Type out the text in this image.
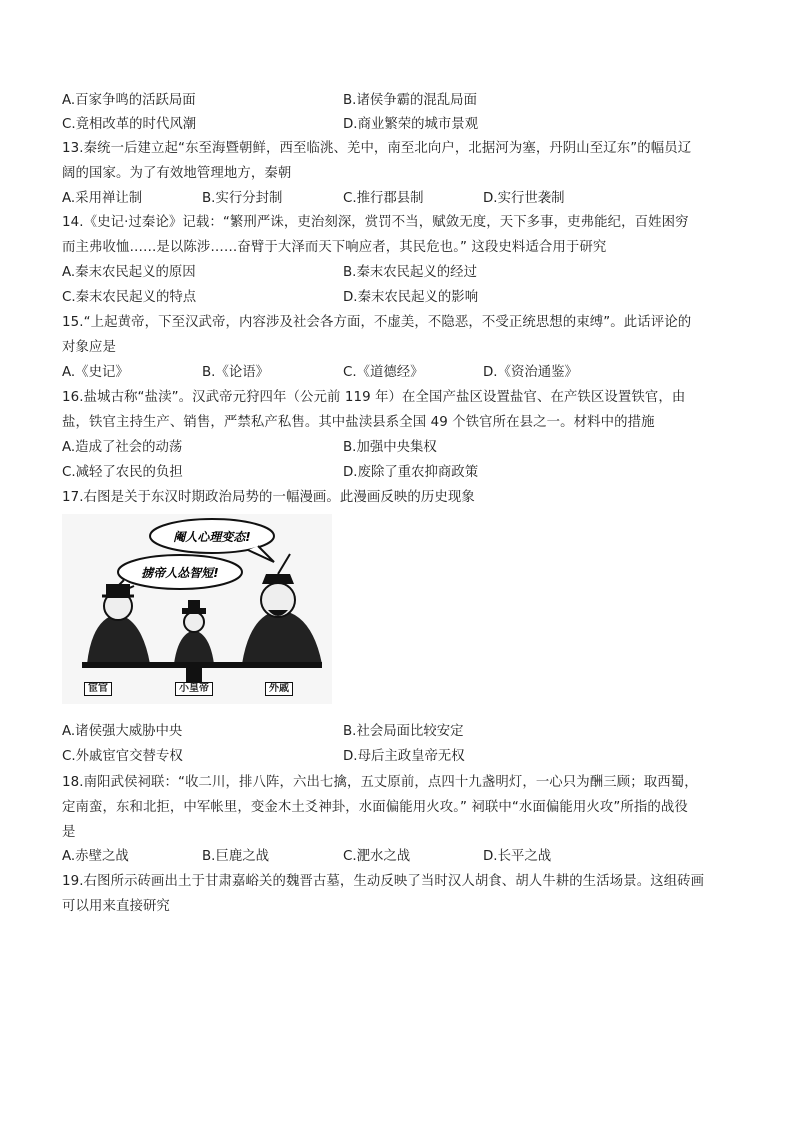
A.百家争鸣的活跃局面	B.诸侯争霸的混乱局面
C.竟相改革的时代风潮	D.商业繁荣的城市景观
13.秦统一后建立起“东至海暨朝鲜，西至临洮、羌中，南至北向户，北据河为塞，丹阴山至辽东”的幅员辽
阔的国家。为了有效地管理地方，秦朝
A.采用禅让制	B.实行分封制	C.推行郡县制	D.实行世袭制
14.《史记·过秦论》记载：“繁刑严诛，吏治刻深，赏罚不当，赋敛无度，天下多事，吏弗能纪，百姓困穷
而主弗收恤……是以陈涉……奋臂于大泽而天下响应者，其民危也。” 这段史料适合用于研究
A.秦末农民起义的原因	B.秦末农民起义的经过
C.秦末农民起义的特点	D.秦末农民起义的影响
15.“上起黄帝，下至汉武帝，内容涉及社会各方面，不虚美，不隐恶，不受正统思想的束缚”。此话评论的
对象应是
A.《史记》	B.《论语》	C.《道德经》	D.《资治通鉴》
16.盐城古称“盐渎”。汉武帝元狩四年（公元前 119 年）在全国产盐区设置盐官、在产铁区设置铁官，由
盐，铁官主持生产、销售，严禁私产私售。其中盐渎县系全国 49 个铁官所在县之一。材料中的措施
A.造成了社会的动荡	B.加强中央集权
C.减轻了农民的负担	D.废除了重农抑商政策
17.右图是关于东汉时期政治局势的一幅漫画。此漫画反映的历史现象
阉人心理变态!
掳帝人怂智短!
宦官	小皇帝	外戚
A.诸侯强大威胁中央	B.社会局面比较安定
C.外戚宦官交替专权	D.母后主政皇帝无权
18.南阳武侯祠联：“收二川，排八阵，六出七擒，五丈原前，点四十九盏明灯，一心只为酬三顾；取西蜀，
定南蛮，东和北拒，中军帐里，变金木土爻神卦，水面偏能用火攻。” 祠联中“水面偏能用火攻”所指的战役
是
A.赤壁之战	B.巨鹿之战	C.淝水之战	D.长平之战
19.右图所示砖画出土于甘肃嘉峪关的魏晋古墓，生动反映了当时汉人胡食、胡人牛耕的生活场景。这组砖画
可以用来直接研究
